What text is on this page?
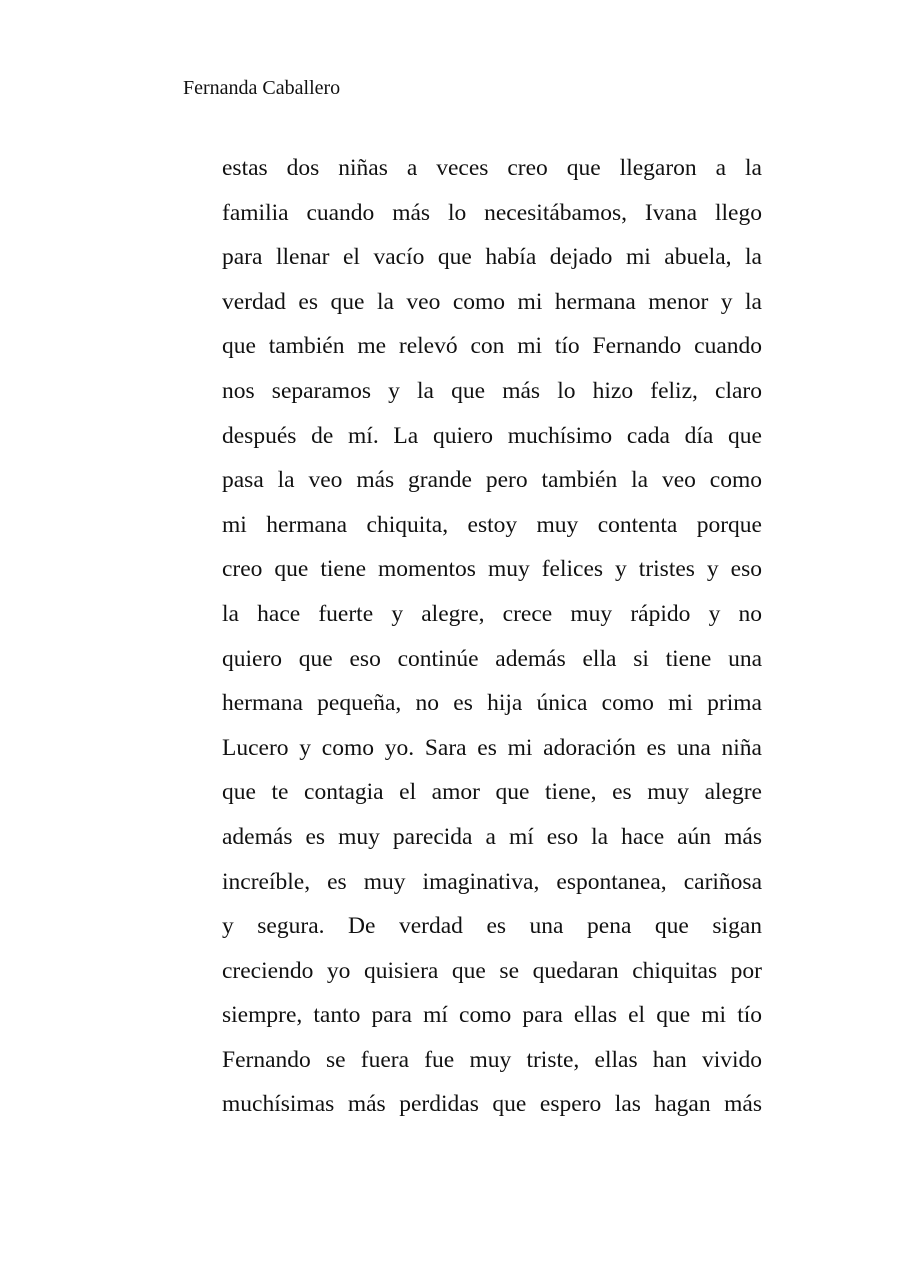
Fernanda Caballero
estas dos niñas a veces creo que llegaron a la
familia cuando más lo necesitábamos, Ivana llego
para llenar el vacío que había dejado mi abuela, la
verdad es que la veo como mi hermana menor y la
que también me relevó con mi tío Fernando cuando
nos separamos y la que más lo hizo feliz, claro
después de mí. La quiero muchísimo cada día que
pasa la veo más grande pero también la veo como
mi hermana chiquita, estoy muy contenta porque
creo que tiene momentos muy felices y tristes y eso
la hace fuerte y alegre, crece muy rápido y no
quiero que eso continúe además ella si tiene una
hermana pequeña, no es hija única como mi prima
Lucero y como yo. Sara es mi adoración es una niña
que te contagia el amor que tiene, es muy alegre
además es muy parecida a mí eso la hace aún más
increíble, es muy imaginativa, espontanea, cariñosa
y segura. De verdad es una pena que sigan
creciendo yo quisiera que se quedaran chiquitas por
siempre, tanto para mí como para ellas el que mi tío
Fernando se fuera fue muy triste, ellas han vivido
muchísimas más perdidas que espero las hagan más
